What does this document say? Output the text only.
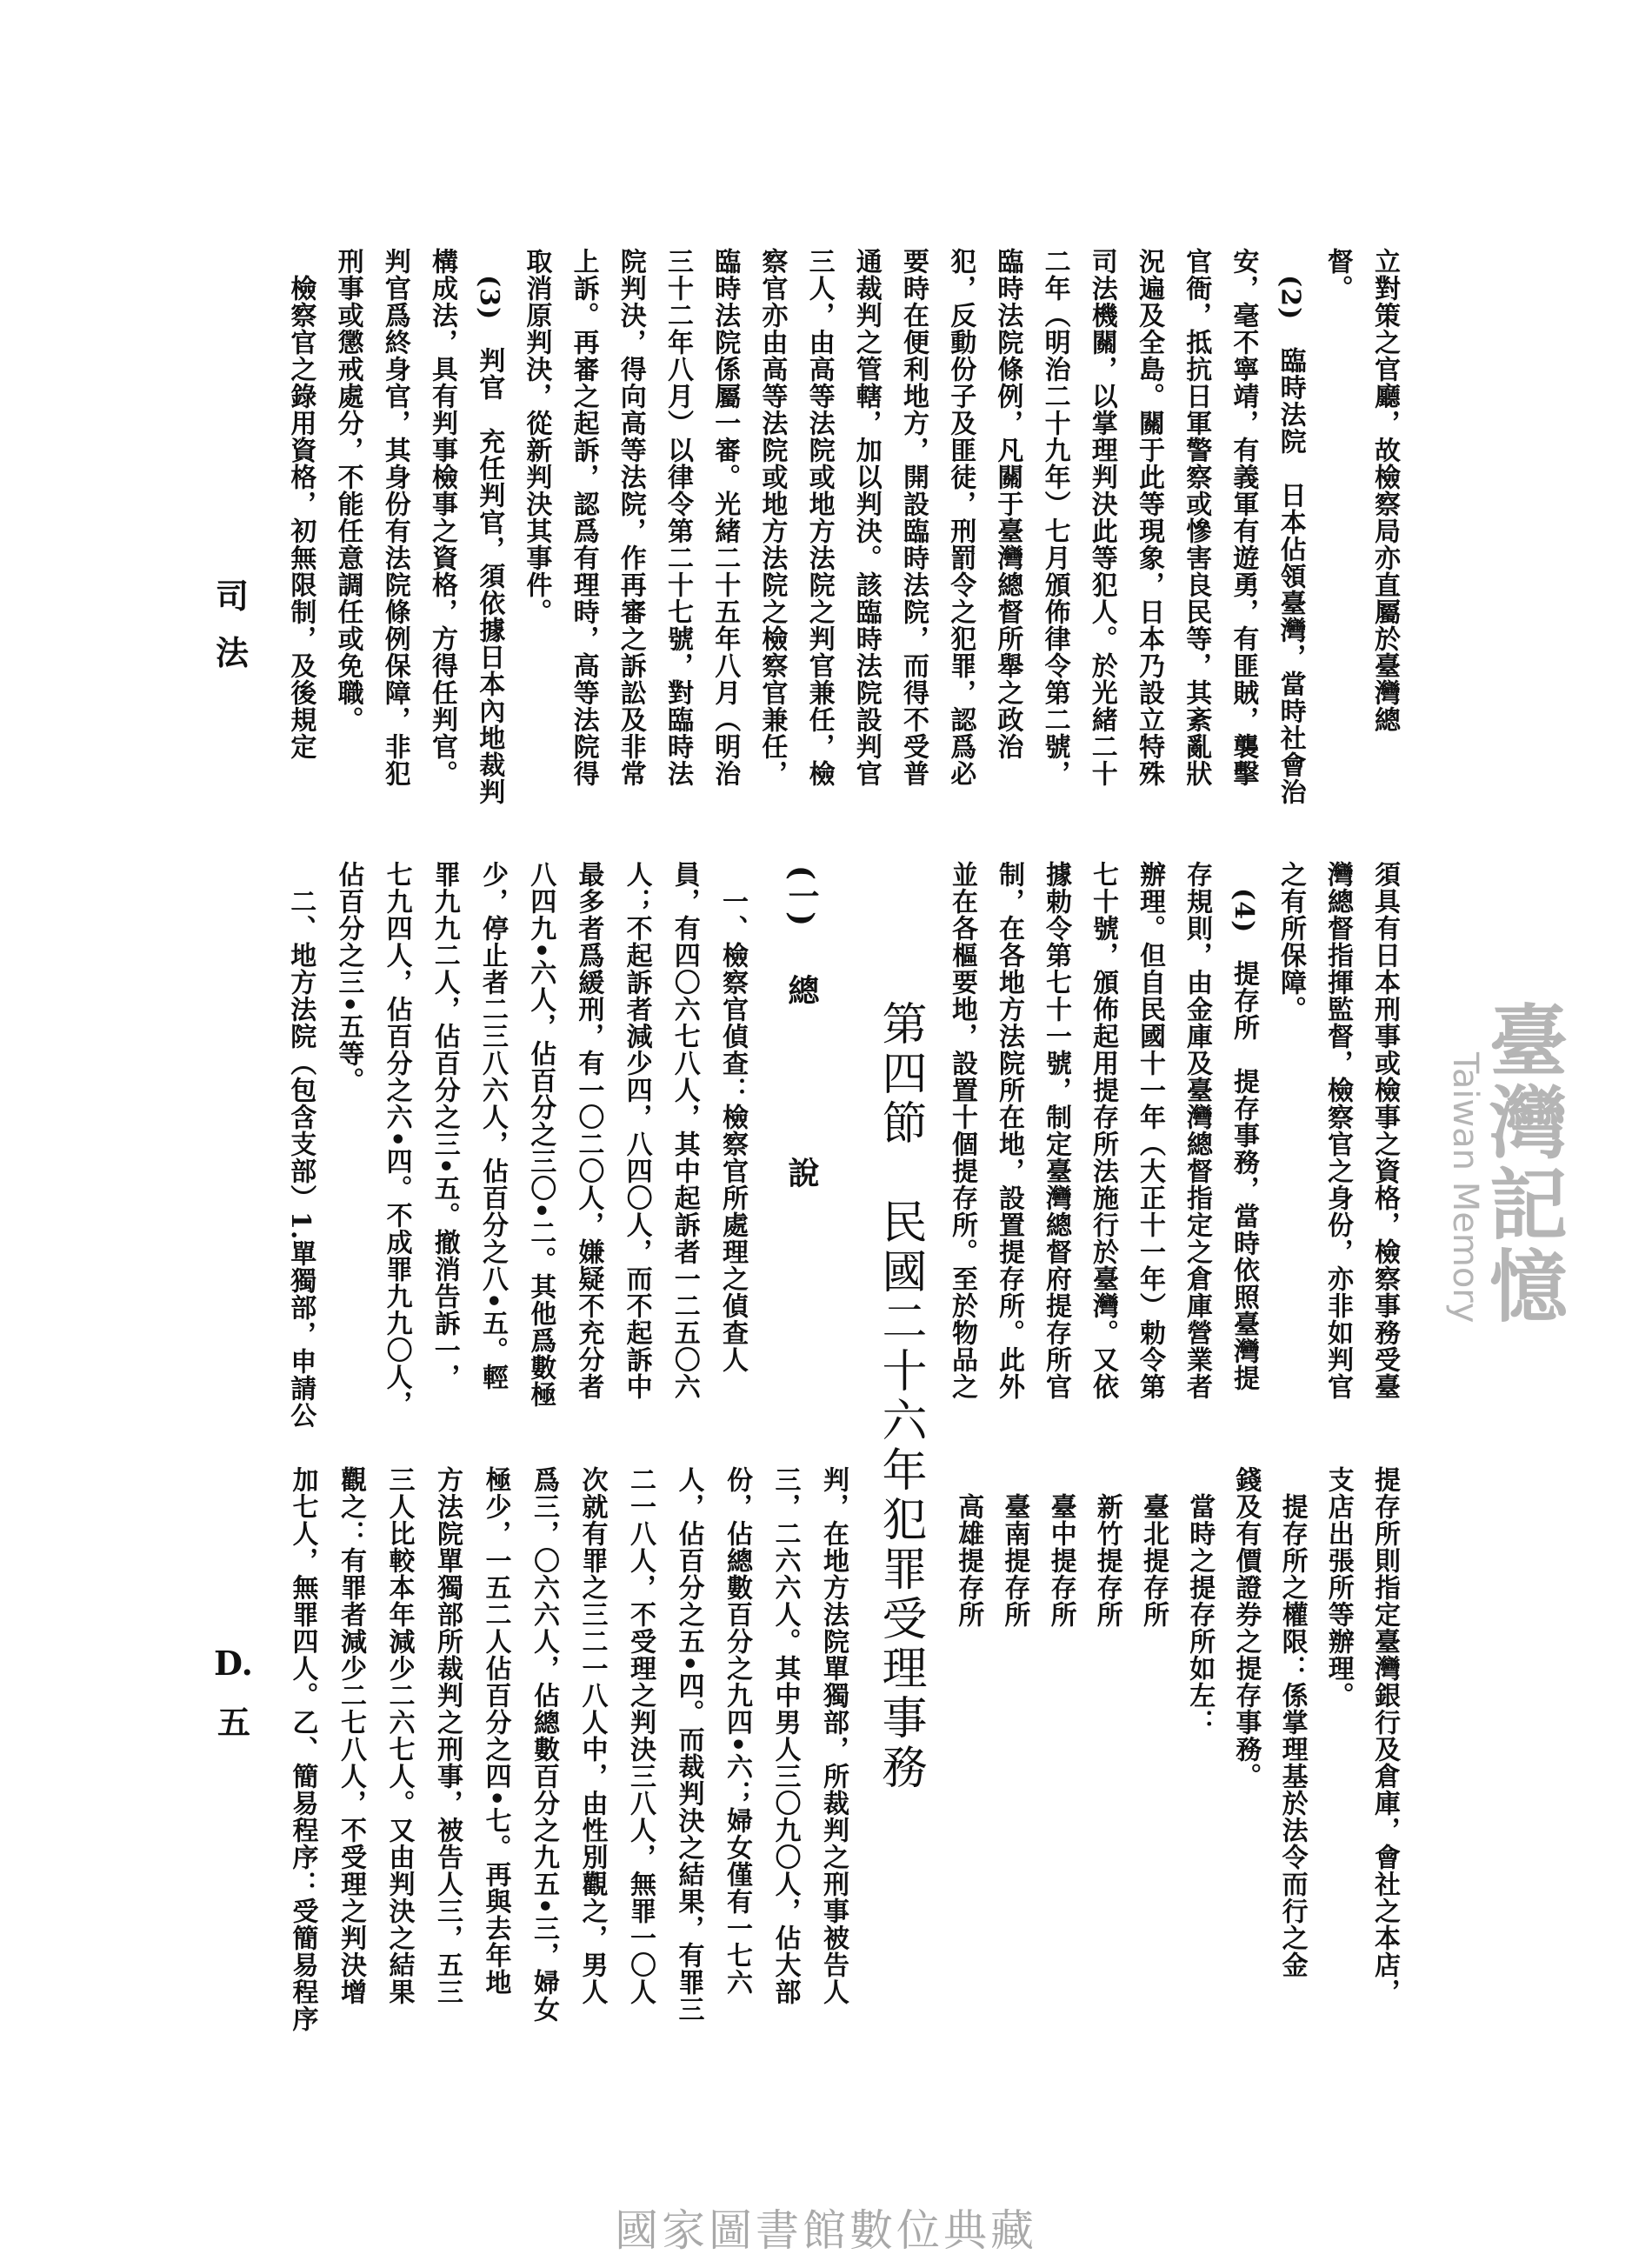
司
法
D.
五	第四節　民國二十六年犯罪受理事務
(一)
總
說
立對策之官廳，故檢察局亦直屬於臺灣總
督。
(2)　臨時法院　日本佔領臺灣，當時社會治
安，毫不寧靖，有義軍有遊勇，有匪賊，襲擊
官衙，抵抗日軍警察或慘害良民等，其紊亂狀
況遍及全島。關于此等現象，日本乃設立特殊
司法機關，以掌理判決此等犯人。於光緒二十
二年（明治二十九年）七月頒佈律令第二號，
臨時法院條例，凡關于臺灣總督所舉之政治
犯，反動份子及匪徒，刑罰令之犯罪，認爲必
要時在便利地方，開設臨時法院，而得不受普
通裁判之管轄，加以判決。該臨時法院設判官
三人，由高等法院或地方法院之判官兼任，檢
察官亦由高等法院或地方法院之檢察官兼任，
臨時法院係屬一審。光緒二十五年八月（明治
三十二年八月）以律令第二十七號，對臨時法
院判決，得向高等法院，作再審之訴訟及非常
上訴。再審之起訴，認爲有理時，高等法院得
取消原判決，從新判決其事件。
(3)　判官　充任判官，須依據日本內地裁判
構成法，具有判事檢事之資格，方得任判官。
判官爲終身官，其身份有法院條例保障，非犯
刑事或懲戒處分，不能任意調任或免職。
檢察官之錄用資格，初無限制，及後規定
須具有日本刑事或檢事之資格，檢察事務受臺
灣總督指揮監督，檢察官之身份，亦非如判官
之有所保障。
(4)　提存所　提存事務，當時依照臺灣提
存規則，由金庫及臺灣總督指定之倉庫營業者
辦理。但自民國十一年（大正十一年）勅令第
七十號，頒佈起用提存所法施行於臺灣。又依
據勅令第七十一號，制定臺灣總督府提存所官
制，在各地方法院所在地，設置提存所。此外
並在各樞要地，設置十個提存所。至於物品之
一、檢察官偵查：檢察官所處理之偵查人
員，有四〇六七八人，其中起訴者一二五〇六
人；不起訴者減少四，八四〇人，而不起訴中
最多者爲緩刑，有一〇二〇人，嫌疑不充分者
八四九•六人，佔百分之三〇•二。其他爲數極
少，停止者二三八六人，佔百分之八•五。輕
罪九九二人，佔百分之三•五。撤消告訴一，
七九四人，佔百分之六•四。不成罪九九〇人，
佔百分之三•五等。
二、地方法院（包含支部）1.單獨部，申請公
提存所則指定臺灣銀行及倉庫，會社之本店，
支店出張所等辦理。
提存所之權限：係掌理基於法令而行之金
錢及有價證券之提存事務。
當時之提存所如左：
臺北提存所
新竹提存所
臺中提存所
臺南提存所
高雄提存所
判，在地方法院單獨部，所裁判之刑事被告人
三，二六六人。其中男人三〇九〇人，佔大部
份，佔總數百分之九四•六；婦女僅有一七六
人，佔百分之五•四。而裁判決之結果，有罪三
二一八人，不受理之判決三八人，無罪一〇人
次就有罪之三二一八人中，由性別觀之，男人
爲三，〇六六人，佔總數百分之九五•三，婦女
極少，一五二人佔百分之四•七。再與去年地
方法院單獨部所裁判之刑事，被告人三，五三
三人比較本年減少二六七人。又由判決之結果
觀之：有罪者減少二七八人，不受理之判決增
加七人，無罪四人。乙、簡易程序：受簡易程序
臺灣記憶
Taiwan Memory
國家圖書館數位典藏
